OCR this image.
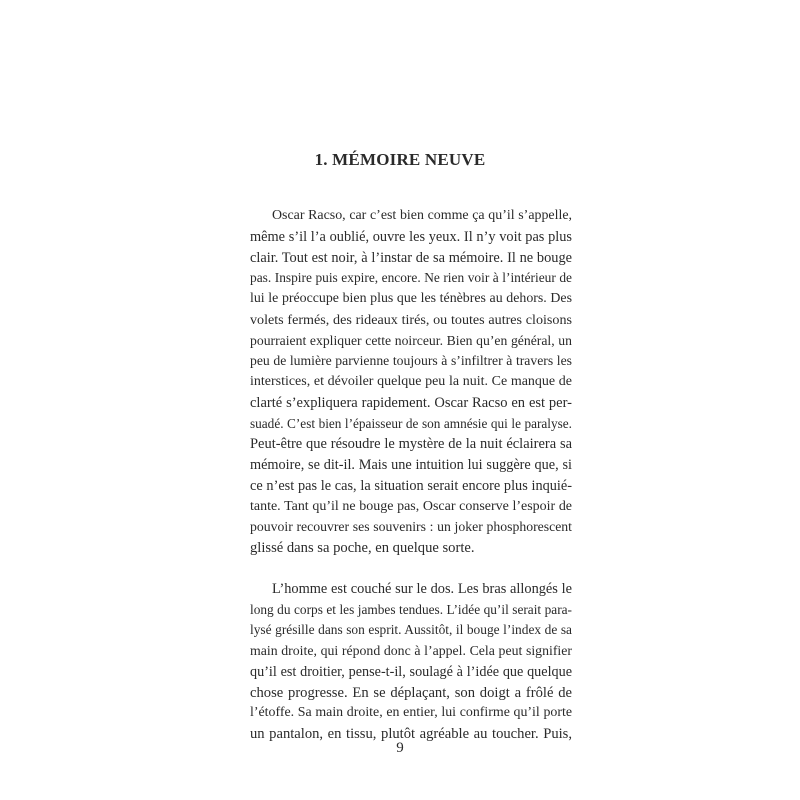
1. MÉMOIRE NEUVE
Oscar Racso, car c’est bien comme ça qu’il s’appelle,
même s’il l’a oublié, ouvre les yeux. Il n’y voit pas plus
clair. Tout est noir, à l’instar de sa mémoire. Il ne bouge
pas. Inspire puis expire, encore. Ne rien voir à l’intérieur de
lui le préoccupe bien plus que les ténèbres au dehors. Des
volets fermés, des rideaux tirés, ou toutes autres cloisons
pourraient expliquer cette noirceur. Bien qu’en général, un
peu de lumière parvienne toujours à s’infiltrer à travers les
interstices, et dévoiler quelque peu la nuit. Ce manque de
clarté s’expliquera rapidement. Oscar Racso en est per-
suadé. C’est bien l’épaisseur de son amnésie qui le paralyse.
Peut-être que résoudre le mystère de la nuit éclairera sa
mémoire, se dit-il. Mais une intuition lui suggère que, si
ce n’est pas le cas, la situation serait encore plus inquié-
tante. Tant qu’il ne bouge pas, Oscar conserve l’espoir de
pouvoir recouvrer ses souvenirs : un joker phosphorescent
glissé dans sa poche, en quelque sorte.
L’homme est couché sur le dos. Les bras allongés le
long du corps et les jambes tendues. L’idée qu’il serait para-
lysé grésille dans son esprit. Aussitôt, il bouge l’index de sa
main droite, qui répond donc à l’appel. Cela peut signifier
qu’il est droitier, pense-t-il, soulagé à l’idée que quelque
chose progresse. En se déplaçant, son doigt a frôlé de
l’étoffe. Sa main droite, en entier, lui confirme qu’il porte
un pantalon, en tissu, plutôt agréable au toucher. Puis,

9
